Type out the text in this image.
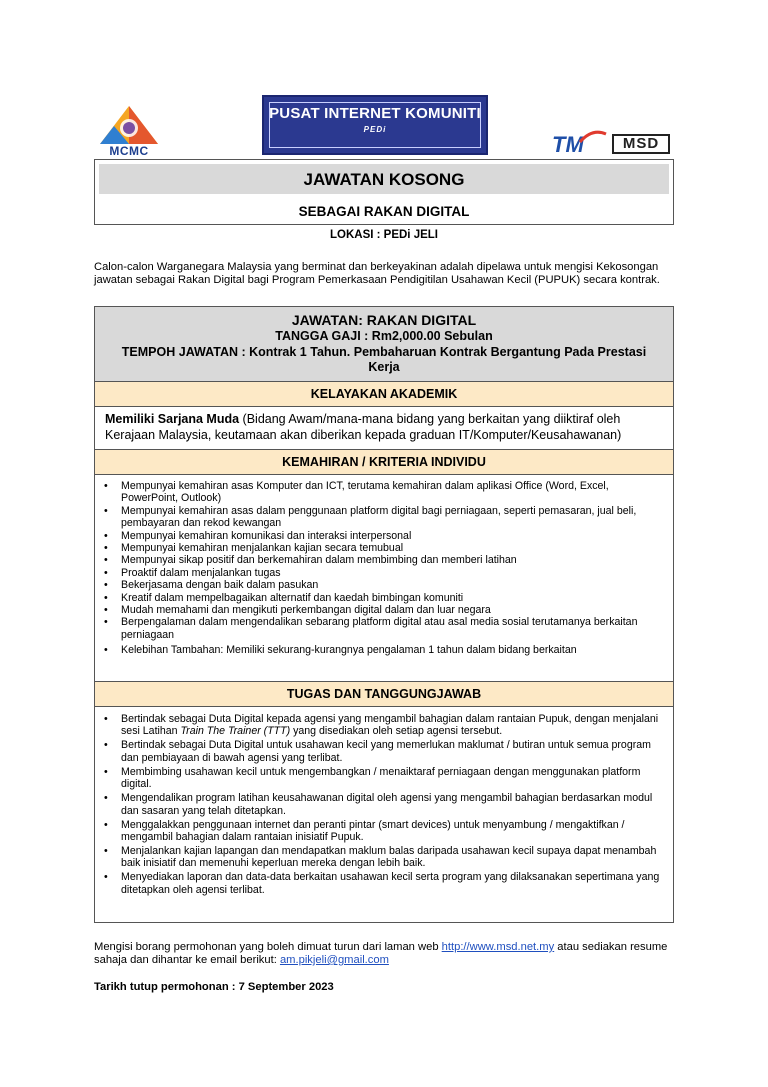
MCMC
PUSAT INTERNET KOMUNITI
PEDi
TM	MSD
JAWATAN KOSONG
SEBAGAI RAKAN DIGITAL
LOKASI : PEDi JELI
Calon-calon Warganegara Malaysia yang berminat dan berkeyakinan adalah dipelawa untuk mengisi Kekosongan jawatan sebagai Rakan Digital bagi Program Pemerkasaan Pendigitilan Usahawan Kecil (PUPUK) secara kontrak.
JAWATAN: RAKAN DIGITAL
TANGGA GAJI : Rm2,000.00 Sebulan
TEMPOH JAWATAN : Kontrak 1 Tahun. Pembaharuan Kontrak Bergantung Pada Prestasi Kerja
KELAYAKAN AKADEMIK
Memiliki Sarjana Muda (Bidang Awam/mana-mana bidang yang berkaitan yang diiktiraf oleh Kerajaan Malaysia, keutamaan akan diberikan kepada graduan IT/Komputer/Keusahawanan)
KEMAHIRAN / KRITERIA INDIVIDU
• Mempunyai kemahiran asas Komputer dan ICT, terutama kemahiran dalam aplikasi Office (Word, Excel, PowerPoint, Outlook)
• Mempunyai kemahiran asas dalam penggunaan platform digital bagi perniagaan, seperti pemasaran, jual beli, pembayaran dan rekod kewangan
• Mempunyai kemahiran komunikasi dan interaksi interpersonal
• Mempunyai kemahiran menjalankan kajian secara temubual
• Mempunyai sikap positif dan berkemahiran dalam membimbing dan memberi latihan
• Proaktif dalam menjalankan tugas
• Bekerjasama dengan baik dalam pasukan
• Kreatif dalam mempelbagaikan alternatif dan kaedah bimbingan komuniti
• Mudah memahami dan mengikuti perkembangan digital dalam dan luar negara
• Berpengalaman dalam mengendalikan sebarang platform digital atau asal media sosial terutamanya berkaitan perniagaan
• Kelebihan Tambahan: Memiliki sekurang-kurangnya pengalaman 1 tahun dalam bidang berkaitan
TUGAS DAN TANGGUNGJAWAB
• Bertindak sebagai Duta Digital kepada agensi yang mengambil bahagian dalam rantaian Pupuk, dengan menjalani sesi Latihan Train The Trainer (TTT) yang disediakan oleh setiap agensi tersebut.
• Bertindak sebagai Duta Digital untuk usahawan kecil yang memerlukan maklumat / butiran untuk semua program dan pembiayaan di bawah agensi yang terlibat.
• Membimbing usahawan kecil untuk mengembangkan / menaiktaraf perniagaan dengan menggunakan platform digital.
• Mengendalikan program latihan keusahawanan digital oleh agensi yang mengambil bahagian berdasarkan modul dan sasaran yang telah ditetapkan.
• Menggalakkan penggunaan internet dan peranti pintar (smart devices) untuk menyambung / mengaktifkan / mengambil bahagian dalam rantaian inisiatif Pupuk.
• Menjalankan kajian lapangan dan mendapatkan maklum balas daripada usahawan kecil supaya dapat menambah baik inisiatif dan memenuhi keperluan mereka dengan lebih baik.
• Menyediakan laporan dan data-data berkaitan usahawan kecil serta program yang dilaksanakan sepertimana yang ditetapkan oleh agensi terlibat.
Mengisi borang permohonan yang boleh dimuat turun dari laman web http://www.msd.net.my atau sediakan resume sahaja dan dihantar ke email berikut: am.pikjeli@gmail.com
Tarikh tutup permohonan : 7 September 2023
